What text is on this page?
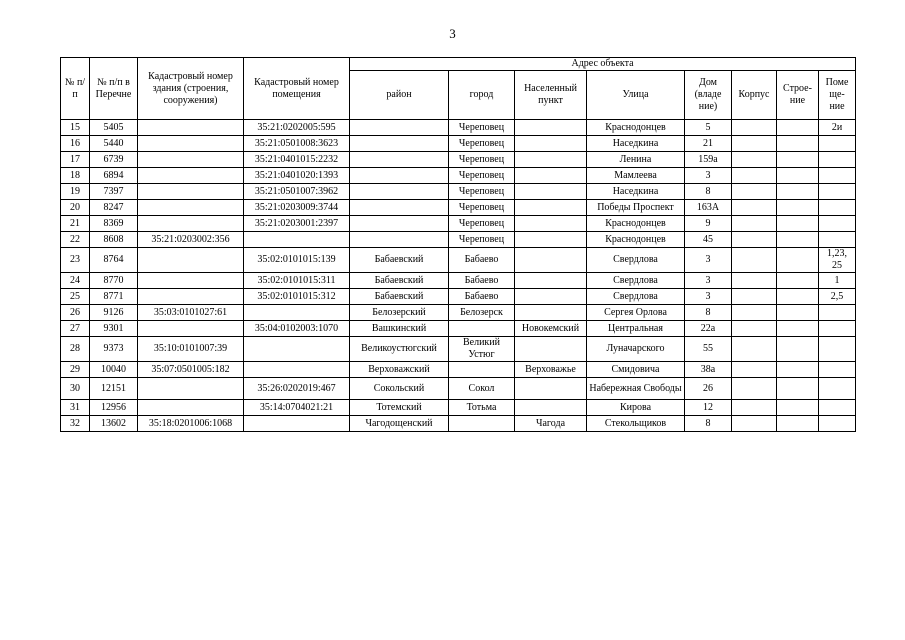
3
№ п/п	№ п/п в Перечне	Кадастровый номер здания (строения, сооружения)	Кадастровый номер помещения	Адрес объекта							
				район	город	Населенный пункт	Улица	Дом (владе ние)	Корпус	Строе- ние	Поме ще- ние
15	5405		35:21:0202005:595		Череповец		Краснодонцев	5			2и
16	5440		35:21:0501008:3623		Череповец		Наседкина	21			
17	6739		35:21:0401015:2232		Череповец		Ленина	159а			
18	6894		35:21:0401020:1393		Череповец		Мамлеева	3			
19	7397		35:21:0501007:3962		Череповец		Наседкина	8			
20	8247		35:21:0203009:3744		Череповец		Победы Проспект	163А			
21	8369		35:21:0203001:2397		Череповец		Краснодонцев	9			
22	8608	35:21:0203002:356			Череповец		Краснодонцев	45			
23	8764		35:02:0101015:139	Бабаевский	Бабаево		Свердлова	3			1,23, 25
24	8770		35:02:0101015:311	Бабаевский	Бабаево		Свердлова	3			1
25	8771		35:02:0101015:312	Бабаевский	Бабаево		Свердлова	3			2,5
26	9126	35:03:0101027:61		Белозерский	Белозерск		Сергея Орлова	8			
27	9301		35:04:0102003:1070	Вашкинский		Новокемский	Центральная	22а			
28	9373	35:10:0101007:39		Великоустюгский	Великий Устюг		Луначарского	55			
29	10040	35:07:0501005:182		Верховажский		Верховажье	Смидовича	38а			
30	12151		35:26:0202019:467	Сокольский	Сокол		Набережная Свободы	26			
31	12956		35:14:0704021:21	Тотемский	Тотьма		Кирова	12			
32	13602	35:18:0201006:1068		Чагодощенский		Чагода	Стекольщиков	8			
